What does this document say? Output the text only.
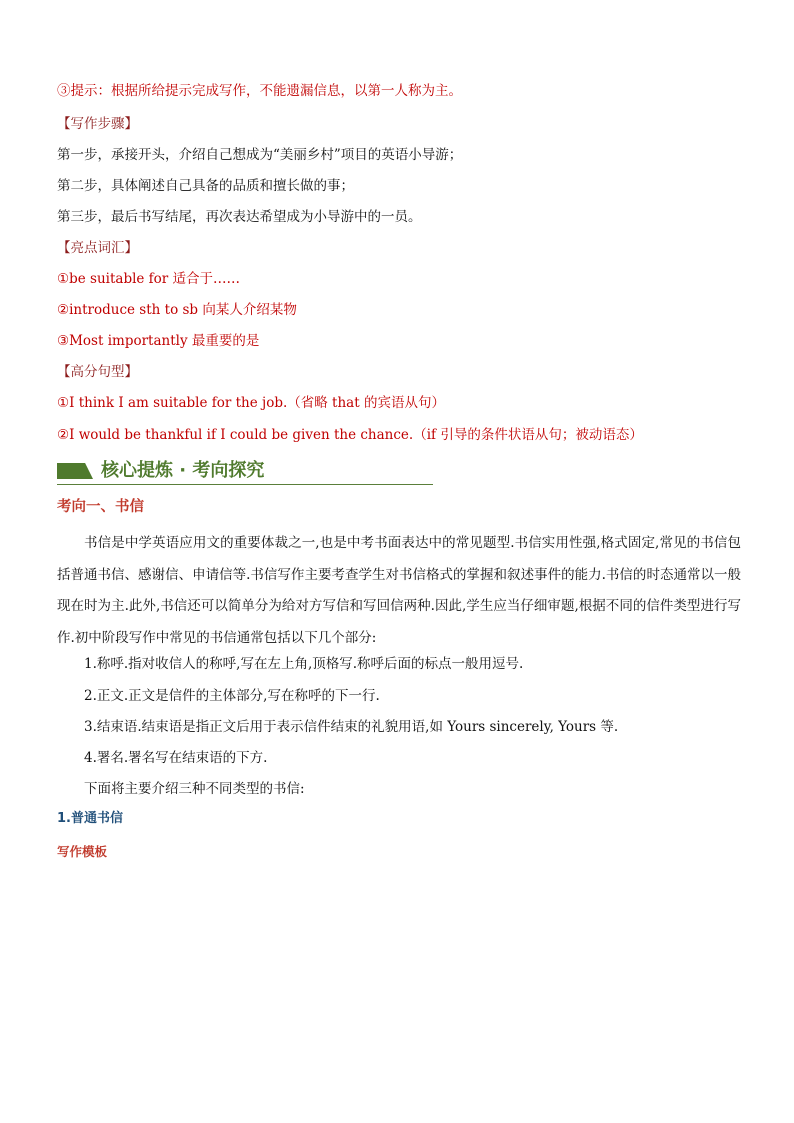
③提示：根据所给提示完成写作，不能遗漏信息，以第一人称为主。
【写作步骤】
第一步，承接开头，介绍自己想成为“美丽乡村”项目的英语小导游；
第二步，具体阐述自己具备的品质和擅长做的事；
第三步，最后书写结尾，再次表达希望成为小导游中的一员。
【亮点词汇】
①be suitable for 适合于……
②introduce sth to sb 向某人介绍某物
③Most importantly 最重要的是
【高分句型】
①I think I am suitable for the job.（省略 that 的宾语从句）
②I would be thankful if I could be given the chance.（if 引导的条件状语从句；被动语态）
核心提炼 · 考向探究
考向一、书信
书信是中学英语应用文的重要体裁之一,也是中考书面表达中的常见题型.书信实用性强,格式固定,常见的书信包括普通书信、感谢信、申请信等.书信写作主要考查学生对书信格式的掌握和叙述事件的能力.书信的时态通常以一般现在时为主.此外,书信还可以简单分为给对方写信和写回信两种.因此,学生应当仔细审题,根据不同的信件类型进行写作.初中阶段写作中常见的书信通常包括以下几个部分:
1.称呼.指对收信人的称呼,写在左上角,顶格写.称呼后面的标点一般用逗号.
2.正文.正文是信件的主体部分,写在称呼的下一行.
3.结束语.结束语是指正文后用于表示信件结束的礼貌用语,如 Yours sincerely, Yours 等.
4.署名.署名写在结束语的下方.
下面将主要介绍三种不同类型的书信:
1.普通书信
写作模板
